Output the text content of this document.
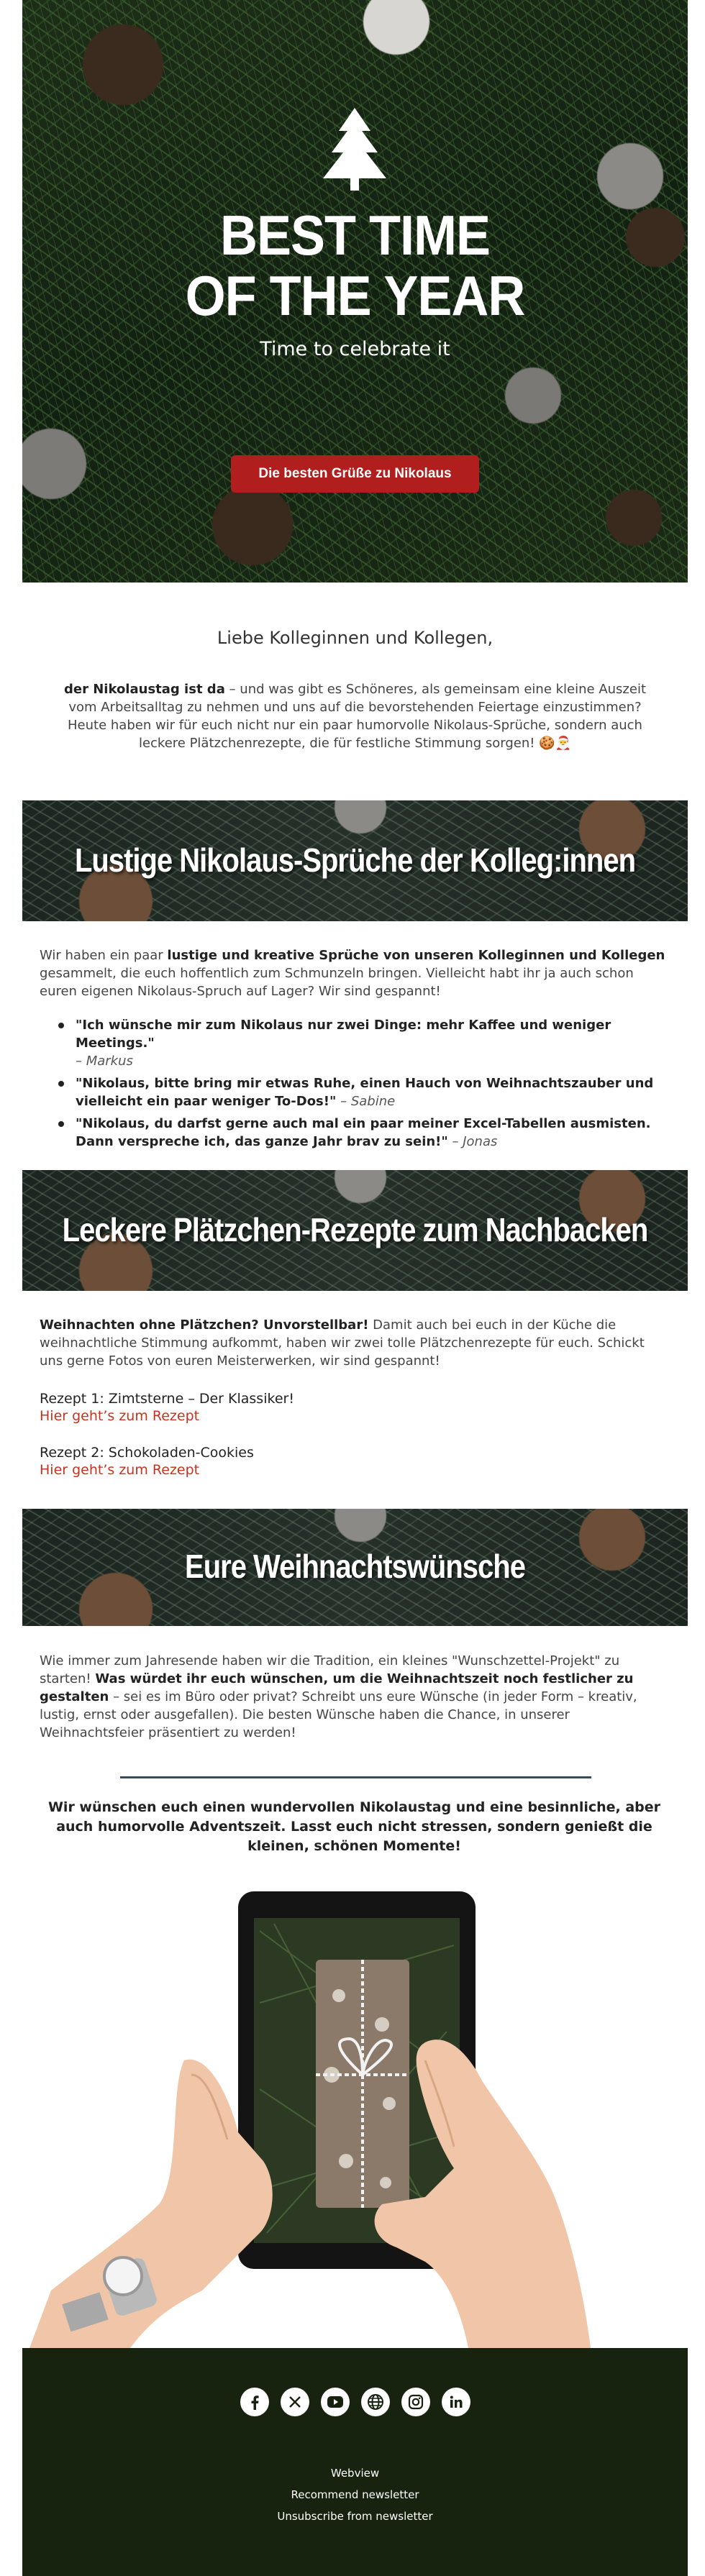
BEST TIME
OF THE YEAR
Time to celebrate it
Die besten Grüße zu Nikolaus
Liebe Kolleginnen und Kollegen,
der Nikolaustag ist da – und was gibt es Schöneres, als gemeinsam eine kleine Auszeit vom Arbeitsalltag zu nehmen und uns auf die bevorstehenden Feiertage einzustimmen? Heute haben wir für euch nicht nur ein paar humorvolle Nikolaus-Sprüche, sondern auch leckere Plätzchenrezepte, die für festliche Stimmung sorgen! 🍪🎅
Lustige Nikolaus-Sprüche der Kolleg:innen
Wir haben ein paar lustige und kreative Sprüche von unseren Kolleginnen und Kollegen gesammelt, die euch hoffentlich zum Schmunzeln bringen. Vielleicht habt ihr ja auch schon euren eigenen Nikolaus-Spruch auf Lager? Wir sind gespannt!
"Ich wünsche mir zum Nikolaus nur zwei Dinge: mehr Kaffee und weniger Meetings."
– Markus
"Nikolaus, bitte bring mir etwas Ruhe, einen Hauch von Weihnachtszauber und vielleicht ein paar weniger To-Dos!" – Sabine
"Nikolaus, du darfst gerne auch mal ein paar meiner Excel-Tabellen ausmisten. Dann verspreche ich, das ganze Jahr brav zu sein!" – Jonas
Leckere Plätzchen-Rezepte zum Nachbacken
Weihnachten ohne Plätzchen? Unvorstellbar! Damit auch bei euch in der Küche die weihnachtliche Stimmung aufkommt, haben wir zwei tolle Plätzchenrezepte für euch. Schickt uns gerne Fotos von euren Meisterwerken, wir sind gespannt!
Rezept 1: Zimtsterne – Der Klassiker!
Hier geht’s zum Rezept
Rezept 2: Schokoladen-Cookies
Hier geht’s zum Rezept
Eure Weihnachtswünsche
Wie immer zum Jahresende haben wir die Tradition, ein kleines "Wunschzettel-Projekt" zu starten! Was würdet ihr euch wünschen, um die Weihnachtszeit noch festlicher zu gestalten – sei es im Büro oder privat? Schreibt uns eure Wünsche (in jeder Form – kreativ, lustig, ernst oder ausgefallen). Die besten Wünsche haben die Chance, in unserer Weihnachtsfeier präsentiert zu werden!
Wir wünschen euch einen wundervollen Nikolaustag und eine besinnliche, aber auch humorvolle Adventszeit. Lasst euch nicht stressen, sondern genießt die kleinen, schönen Momente!
Webview
Recommend newsletter
Unsubscribe from newsletter
